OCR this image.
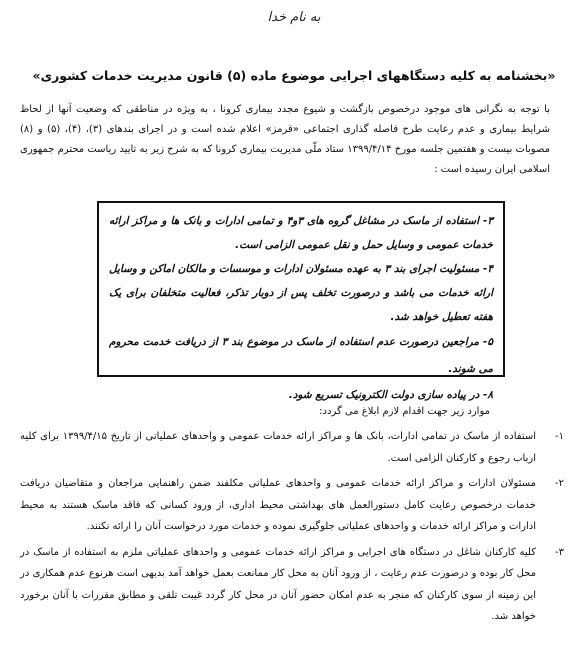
به نام خدا
«بخشنامه به کلیه دستگاههای اجرایی موضوع ماده (۵) قانون مدیریت خدمات کشوری»
با توجه به نگرانی های موجود درخصوص بازگشت و شیوع مجدد بیماری کرونا ، به ویژه در مناطقی که وضعیت آنها از لحاظ شرایط بیماری و عدم رعایت طرح فاصله گذاری اجتماعی «قرمز» اعلام شده است و در اجرای بندهای (۳)، (۴)، (۵) و (۸) مصوبات بیست و هفتمین جلسه مورخ ۱۳۹۹/۴/۱۴ ستاد ملّی مدیریت بیماری کرونا که به شرح زیر به تایید ریاست محترم جمهوری اسلامی ایران رسیده است :

۳- استفاده از ماسک در مشاغل گروه های ۳و۴ و تمامی ادارات و بانک ها و مراکز ارائه خدمات عمومی و وسایل حمل و نقل عمومی الزامی است.

۴- مسئولیت اجرای بند ۳ به عهده مسئولان ادارات و موسسات و مالکان اماکن و وسایل ارائه خدمات می باشد و درصورت تخلف پس از دوبار تذکر، فعالیت متخلفان برای یک هفته تعطیل خواهد شد.

۵- مراجعین درصورت عدم استفاده از ماسک در موضوع بند ۳ از دریافت خدمت محروم می شوند.

۸- در پیاده سازی دولت الکترونیک تسریع شود.

موارد زیر جهت اقدام لازم ابلاغ می گردد:
۱-
استفاده از ماسک در تمامی ادارات، بانک ها و مراکز ارائه خدمات عمومی و واحدهای عملیاتی از تاریخ ۱۳۹۹/۴/۱۵ برای کلیه ارباب رجوع و کارکنان الزامی است.
۲-
مسئولان ادارات و مراکز ارائه خدمات عمومی و واحدهای عملیاتی مکلفند ضمن راهنمایی مراجعان و متقاضیان دریافت خدمات درخصوص رعایت کامل دستورالعمل های بهداشتی محیط اداری، از ورود کسانی که فاقد ماسک هستند به محیط ادارات و مراکز ارائه خدمات و واحدهای عملیاتی جلوگیری نموده و خدمات مورد درخواست آنان را ارائه نکنند.
۳-
کلیه کارکنان شاغل در دستگاه های اجرایی و مراکز ارائه خدمات عمومی و واحدهای عملیاتی ملزم به استفاده از ماسک در محل کار بوده و درصورت عدم رعایت ، از ورود آنان به محل کار ممانعت بعمل خواهد آمد بدیهی است هرنوع عدم همکاری در این زمینه از سوی کارکنان که منجر به عدم امکان حضور آنان در محل کار گردد غیبت تلقی و مطابق مقررات با آنان برخورد خواهد شد.
